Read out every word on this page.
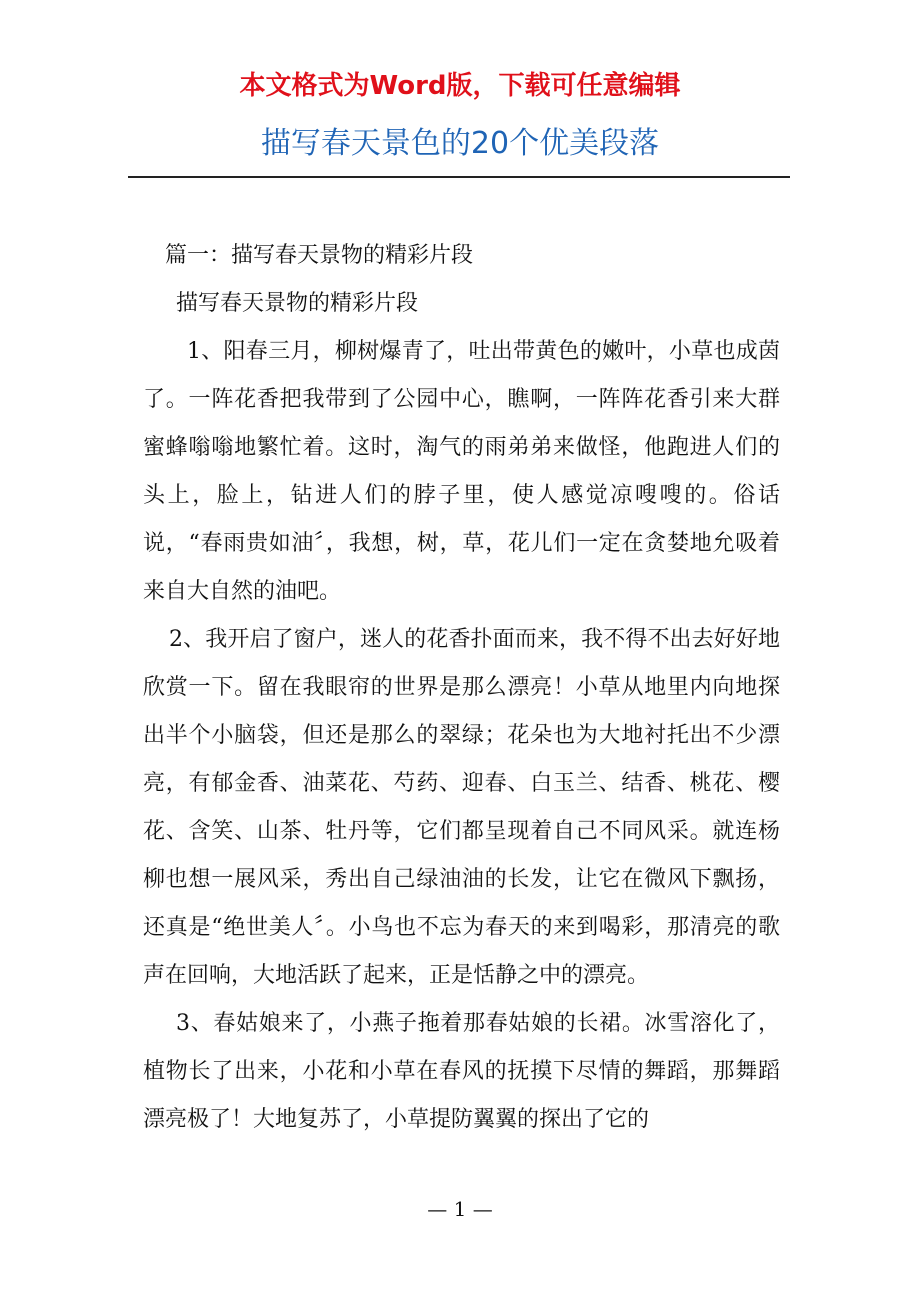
本文格式为Word版，下载可任意编辑
描写春天景色的20个优美段落

篇一：描写春天景物的精彩片段

描写春天景物的精彩片段

1、阳春三月，柳树爆青了，吐出带黄色的嫩叶，小草也成茵了。一阵花香把我带到了公园中心，瞧啊，一阵阵花香引来大群蜜蜂嗡嗡地繁忙着。这时，淘气的雨弟弟来做怪，他跑进人们的头上，脸上，钻进人们的脖子里，使人感觉凉嗖嗖的。俗话说，“春雨贵如油〞，我想，树，草，花儿们一定在贪婪地允吸着来自大自然的油吧。

2、我开启了窗户，迷人的花香扑面而来，我不得不出去好好地欣赏一下。留在我眼帘的世界是那么漂亮！小草从地里内向地探出半个小脑袋，但还是那么的翠绿；花朵也为大地衬托出不少漂亮，有郁金香、油菜花、芍药、迎春、白玉兰、结香、桃花、樱花、含笑、山茶、牡丹等，它们都呈现着自己不同风采。就连杨柳也想一展风采，秀出自己绿油油的长发，让它在微风下飘扬，还真是“绝世美人〞。小鸟也不忘为春天的来到喝彩，那清亮的歌声在回响，大地活跃了起来，正是恬静之中的漂亮。

3、春姑娘来了，小燕子拖着那春姑娘的长裙。冰雪溶化了，植物长了出来，小花和小草在春风的抚摸下尽情的舞蹈，那舞蹈漂亮极了！大地复苏了，小草提防翼翼的探出了它的

— 1 —
